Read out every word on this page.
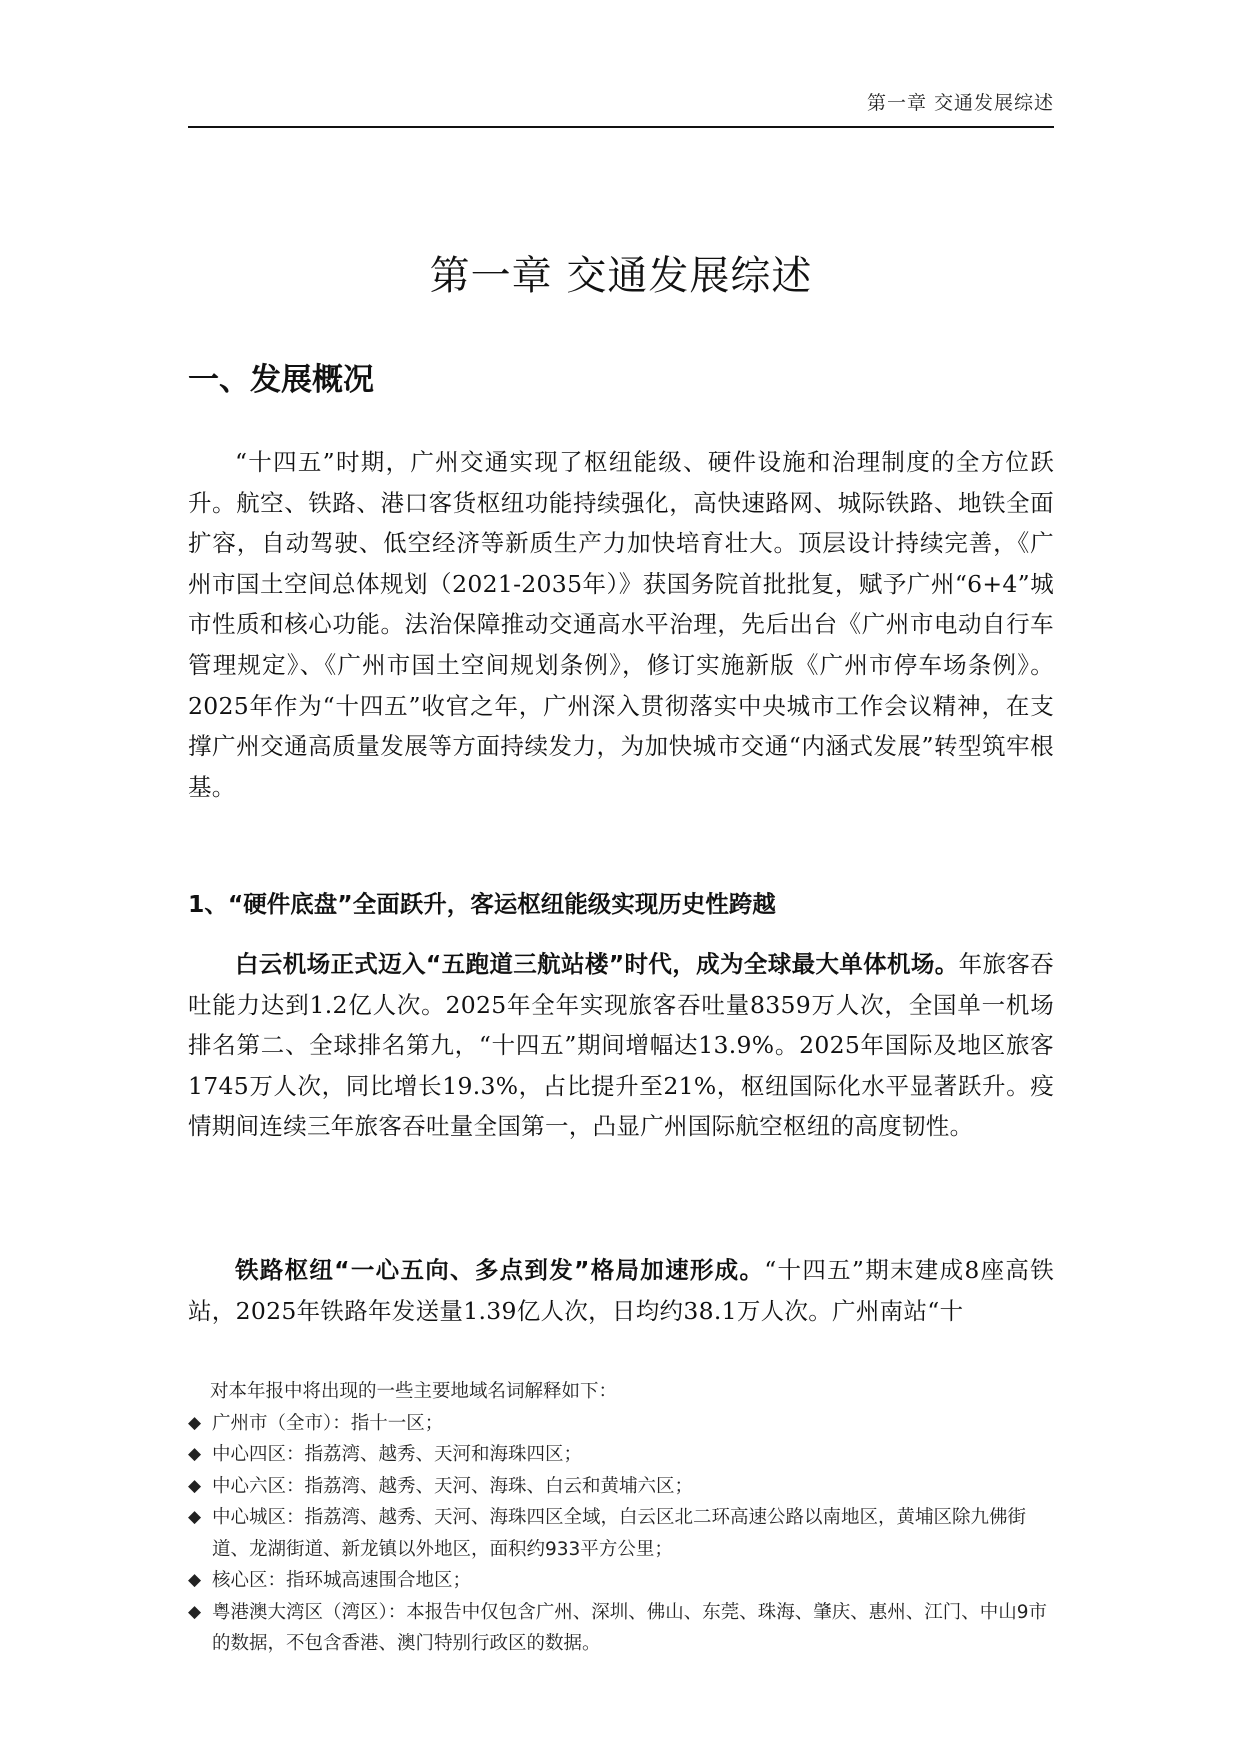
第一章 交通发展综述
第一章 交通发展综述
一、发展概况

“十四五”时期，广州交通实现了枢纽能级、硬件设施和治理制度的全方位跃升。航空、铁路、港口客货枢纽功能持续强化，高快速路网、城际铁路、地铁全面扩容，自动驾驶、低空经济等新质生产力加快培育壮大。顶层设计持续完善，《广州市国土空间总体规划（2021-2035年）》获国务院首批批复，赋予广州“6+4”城市性质和核心功能。法治保障推动交通高水平治理，先后出台《广州市电动自行车管理规定》、《广州市国土空间规划条例》，修订实施新版《广州市停车场条例》。2025年作为“十四五”收官之年，广州深入贯彻落实中央城市工作会议精神，在支撑广州交通高质量发展等方面持续发力，为加快城市交通“内涵式发展”转型筑牢根基。

1、“硬件底盘”全面跃升，客运枢纽能级实现历史性跨越

白云机场正式迈入“五跑道三航站楼”时代，成为全球最大单体机场。年旅客吞吐能力达到1.2亿人次。2025年全年实现旅客吞吐量8359万人次，全国单一机场排名第二、全球排名第九，“十四五”期间增幅达13.9%。2025年国际及地区旅客1745万人次，同比增长19.3%，占比提升至21%，枢纽国际化水平显著跃升。疫情期间连续三年旅客吞吐量全国第一，凸显广州国际航空枢纽的高度韧性。

铁路枢纽“一心五向、多点到发”格局加速形成。“十四五”期末建成8座高铁站，2025年铁路年发送量1.39亿人次，日均约38.1万人次。广州南站“十

对本年报中将出现的一些主要地域名词解释如下：

◆ 广州市（全市）：指十一区；
◆ 中心四区：指荔湾、越秀、天河和海珠四区；
◆ 中心六区：指荔湾、越秀、天河、海珠、白云和黄埔六区；
◆ 中心城区：指荔湾、越秀、天河、海珠四区全域，白云区北二环高速公路以南地区，黄埔区除九佛街道、龙湖街道、新龙镇以外地区，面积约933平方公里；
◆ 核心区：指环城高速围合地区；
◆ 粤港澳大湾区（湾区）：本报告中仅包含广州、深圳、佛山、东莞、珠海、肇庆、惠州、江门、中山9市的数据，不包含香港、澳门特别行政区的数据。
